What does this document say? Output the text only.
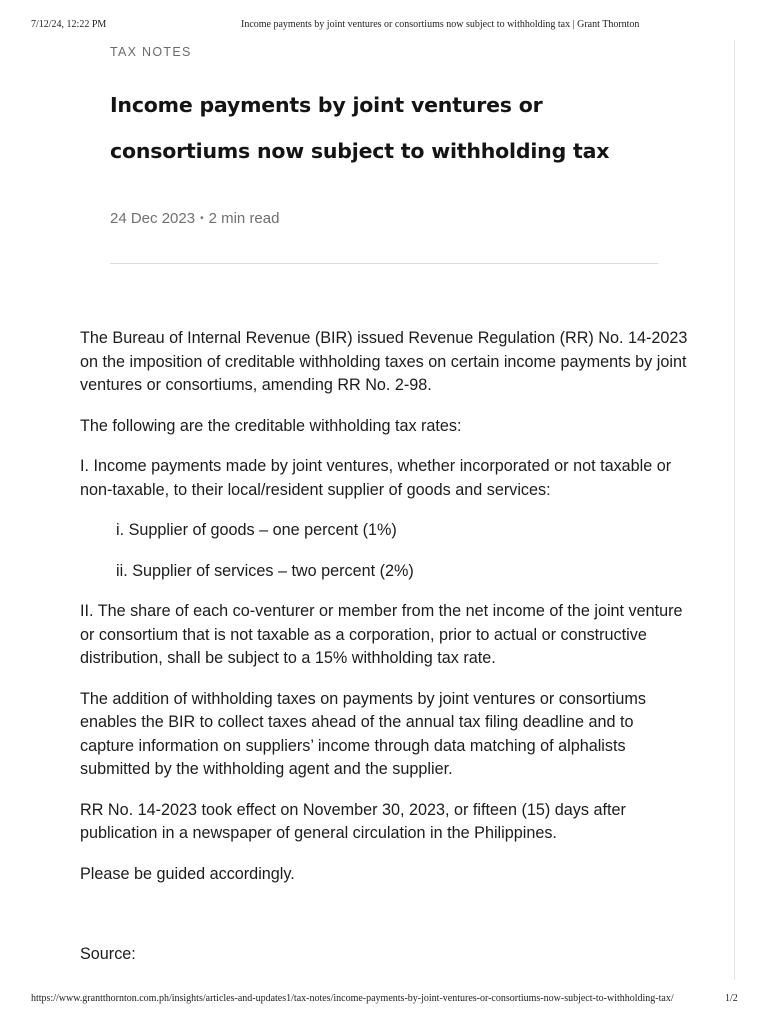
7/12/24, 12:22 PM	Income payments by joint ventures or consortiums now subject to withholding tax | Grant Thornton
TAX NOTES
Income payments by joint ventures or consortiums now subject to withholding tax
24 Dec 2023 • 2 min read

The Bureau of Internal Revenue (BIR) issued Revenue Regulation (RR) No. 14-2023 on the imposition of creditable withholding taxes on certain income payments by joint ventures or consortiums, amending RR No. 2-98.

The following are the creditable withholding tax rates:

I. Income payments made by joint ventures, whether incorporated or not taxable or non-taxable, to their local/resident supplier of goods and services:

i. Supplier of goods – one percent (1%)

ii. Supplier of services – two percent (2%)

II. The share of each co-venturer or member from the net income of the joint venture or consortium that is not taxable as a corporation, prior to actual or constructive distribution, shall be subject to a 15% withholding tax rate.

The addition of withholding taxes on payments by joint ventures or consortiums enables the BIR to collect taxes ahead of the annual tax filing deadline and to capture information on suppliers’ income through data matching of alphalists submitted by the withholding agent and the supplier.

RR No. 14-2023 took effect on November 30, 2023, or fifteen (15) days after publication in a newspaper of general circulation in the Philippines.

Please be guided accordingly.

Source:

https://www.grantthornton.com.ph/insights/articles-and-updates1/tax-notes/income-payments-by-joint-ventures-or-consortiums-now-subject-to-withholding-tax/	1/2
